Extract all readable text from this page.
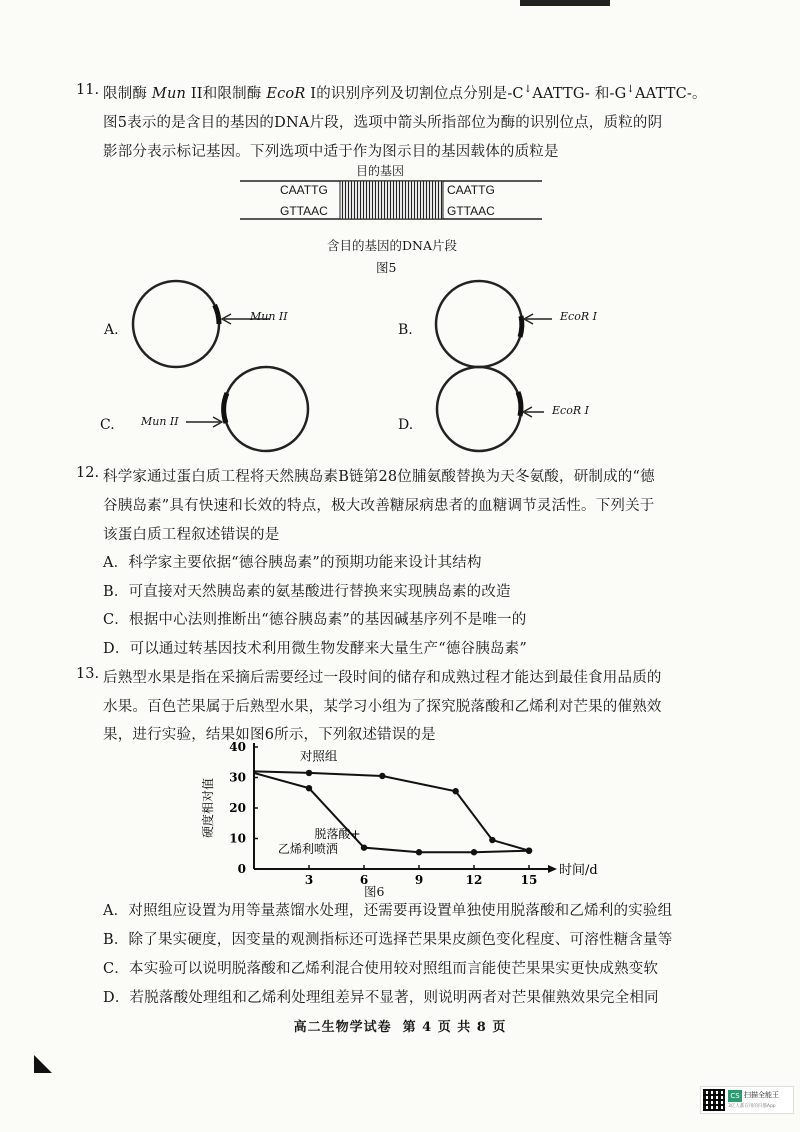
11. 限制酶 Mun II和限制酶 EcoR I的识别序列及切割位点分别是-C↓AATTG- 和-G↓AATTC-。
图5表示的是含目的基因的DNA片段，选项中箭头所指部位为酶的识别位点，质粒的阴
影部分表示标记基因。下列选项中适于作为图示目的基因载体的质粒是
目的基因
CAATTG
GTTAAC
CAATTG
GTTAAC
含目的基因的DNA片段
图5
A.	B.
C.	D.
Mun II	EcoR I
Mun II
EcoR I
12. 科学家通过蛋白质工程将天然胰岛素B链第28位脯氨酸替换为天冬氨酸，研制成的“德
谷胰岛素”具有快速和长效的特点，极大改善糖尿病患者的血糖调节灵活性。下列关于
该蛋白质工程叙述错误的是
A．科学家主要依据“德谷胰岛素”的预期功能来设计其结构
B．可直接对天然胰岛素的氨基酸进行替换来实现胰岛素的改造
C．根据中心法则推断出“德谷胰岛素”的基因碱基序列不是唯一的
D．可以通过转基因技术利用微生物发酵来大量生产“德谷胰岛素”
13. 后熟型水果是指在采摘后需要经过一段时间的储存和成熟过程才能达到最佳食用品质的
水果。百色芒果属于后熟型水果，某学习小组为了探究脱落酸和乙烯利对芒果的催熟效
果，进行实验，结果如图6所示，下列叙述错误的是
3	6	9	12	15
0
10
20
30
40
时间/d
硬度相对值
对照组
脱落酸+
乙烯利喷洒
图6
A．对照组应设置为用等量蒸馏水处理，还需要再设置单独使用脱落酸和乙烯利的实验组
B．除了果实硬度，因变量的观测指标还可选择芒果果皮颜色变化程度、可溶性糖含量等
C．本实验可以说明脱落酸和乙烯利混合使用较对照组而言能使芒果果实更快成熟变软
D．若脱落酸处理组和乙烯利处理组差异不显著，则说明两者对芒果催熟效果完全相同
高二生物学试卷  第 4 页 共 8 页
CS 扫描全能王
3亿人都在用的扫描App
